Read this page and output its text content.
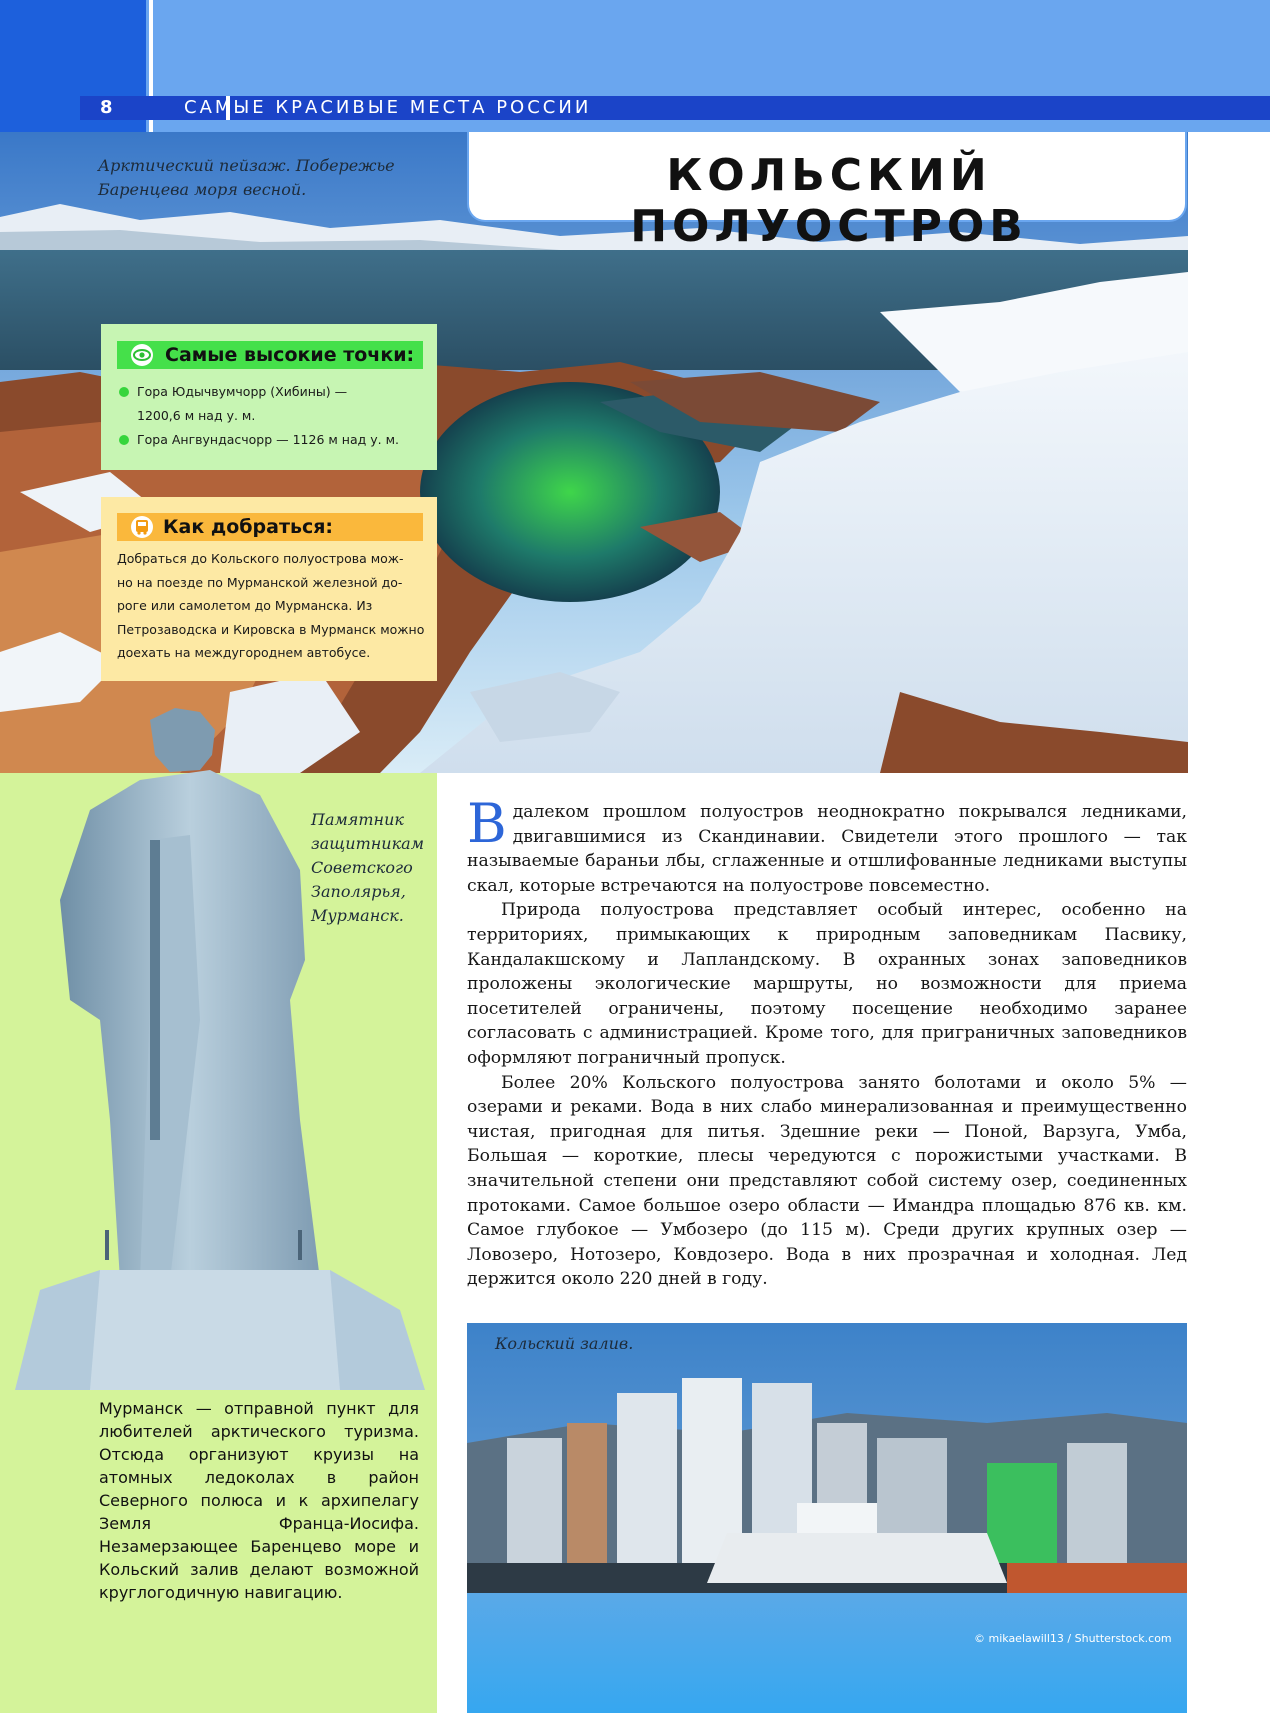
8	САМЫЕ КРАСИВЫЕ МЕСТА РОССИИ
Арктический пейзаж. Побережье
Баренцева моря весной.	КОЛЬСКИЙ ПОЛУОСТРОВ
Самые высокие точки:
Гора Юдычвумчорр (Хибины) —
1200,6 м над у. м.
Гора Ангвундасчорр — 1126 м над у. м.
Как добраться:
Добраться до Кольского полуострова мож-
но на поезде по Мурманской железной до-
роге или самолетом до Мурманска. Из
Петрозаводска и Кировска в Мурманск можно
доехать на междугороднем автобусе.
Памятник
защитникам
Советского
Заполярья,
Мурманск.
Мурманск — отправной пункт для любителей арктического туризма. Отсюда организуют круизы на атомных ледоколах в район Северного полюса и к архипелагу Земля Франца-Иосифа. Незамерзающее Баренцево море и Кольский залив делают возможной круглогодичную навигацию.

Вдалеком прошлом полуостров неоднократно покрывался ледниками, двигавшимися из Скандинавии. Свидетели этого прошлого — так называемые бараньи лбы, сглаженные и отшлифованные ледниками выступы скал, которые встречаются на полуострове повсеместно.

Природа полуострова представляет особый интерес, особенно на территориях, примыкающих к природным заповедникам Пасвику, Кандалакшскому и Лапландскому. В охранных зонах заповедников проложены экологические маршруты, но возможности для приема посетителей ограничены, поэтому посещение необходимо заранее согласовать с администрацией. Кроме того, для приграничных заповедников оформляют пограничный пропуск.

Более 20% Кольского полуострова занято болотами и около 5% — озерами и реками. Вода в них слабо минерализованная и преимущественно чистая, пригодная для питья. Здешние реки — Поной, Варзуга, Умба, Большая — короткие, плесы чередуются с порожистыми участками. В значительной степени они представляют собой систему озер, соединенных протоками. Самое большое озеро области — Имандра площадью 876 кв. км. Самое глубокое — Умбозеро (до 115 м). Среди других крупных озер — Ловозеро, Нотозеро, Ковдозеро. Вода в них прозрачная и холодная. Лед держится около 220 дней в году.

Кольский залив.
© mikaelawill13 / Shutterstock.com
